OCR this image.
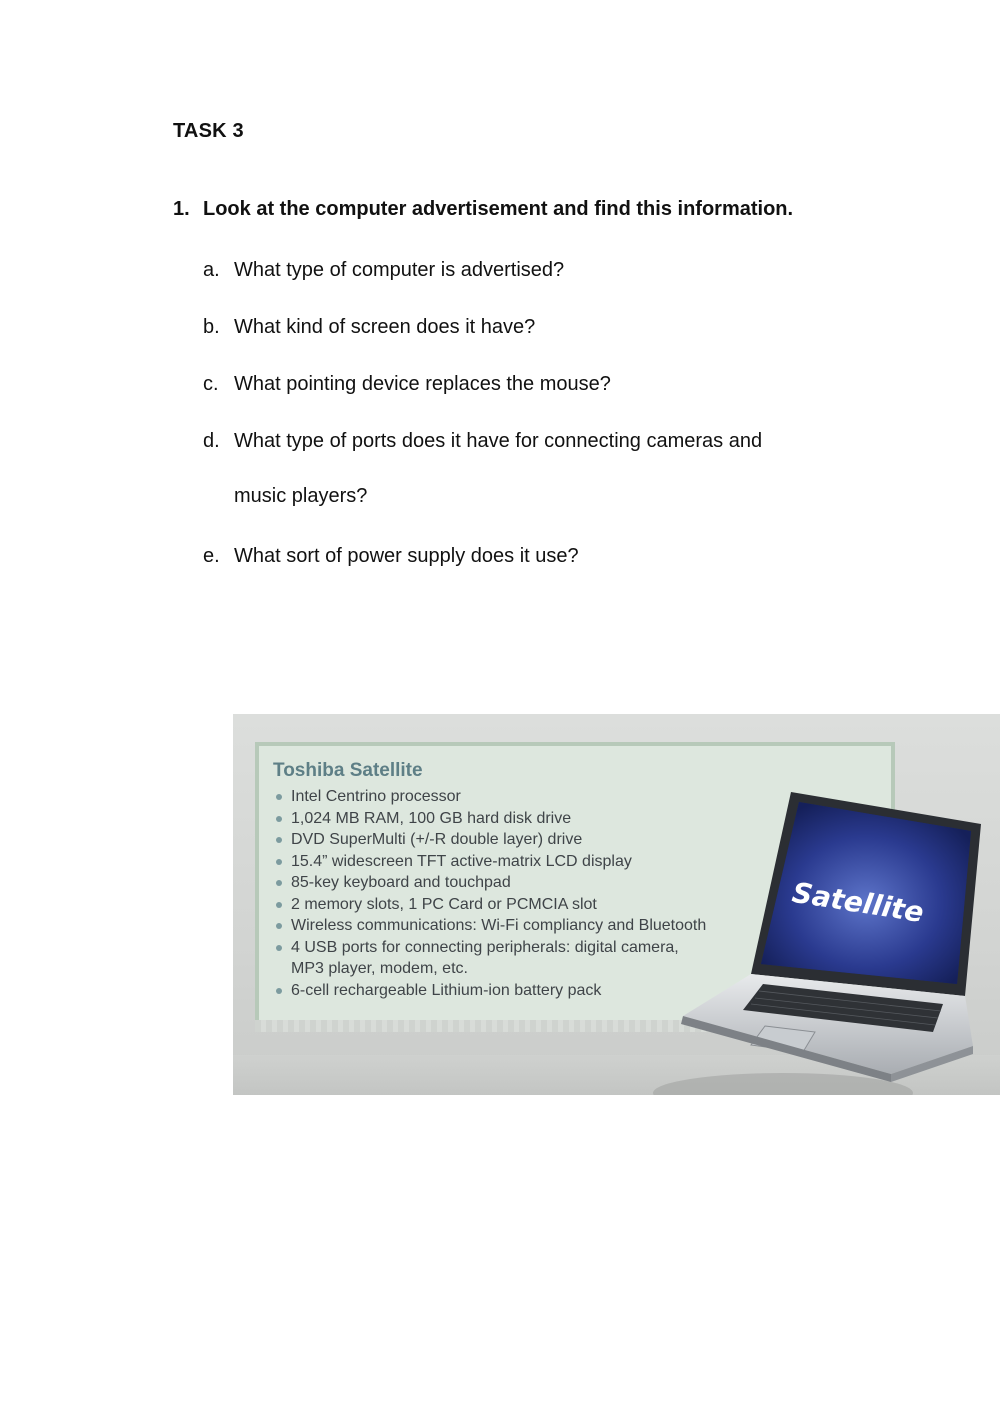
TASK 3
1. Look at the computer advertisement and find this information.
a. What type of computer is advertised?
b. What kind of screen does it have?
c. What pointing device replaces the mouse?
d. What type of ports does it have for connecting cameras and
music players?
e. What sort of power supply does it use?
Toshiba Satellite
Intel Centrino processor
1,024 MB RAM, 100 GB hard disk drive
DVD SuperMulti (+/-R double layer) drive
15.4” widescreen TFT active-matrix LCD display
85-key keyboard and touchpad
2 memory slots, 1 PC Card or PCMCIA slot
Wireless communications: Wi-Fi compliancy and Bluetooth
4 USB ports for connecting peripherals: digital camera,
MP3 player, modem, etc.
6-cell rechargeable Lithium-ion battery pack
Satellite
